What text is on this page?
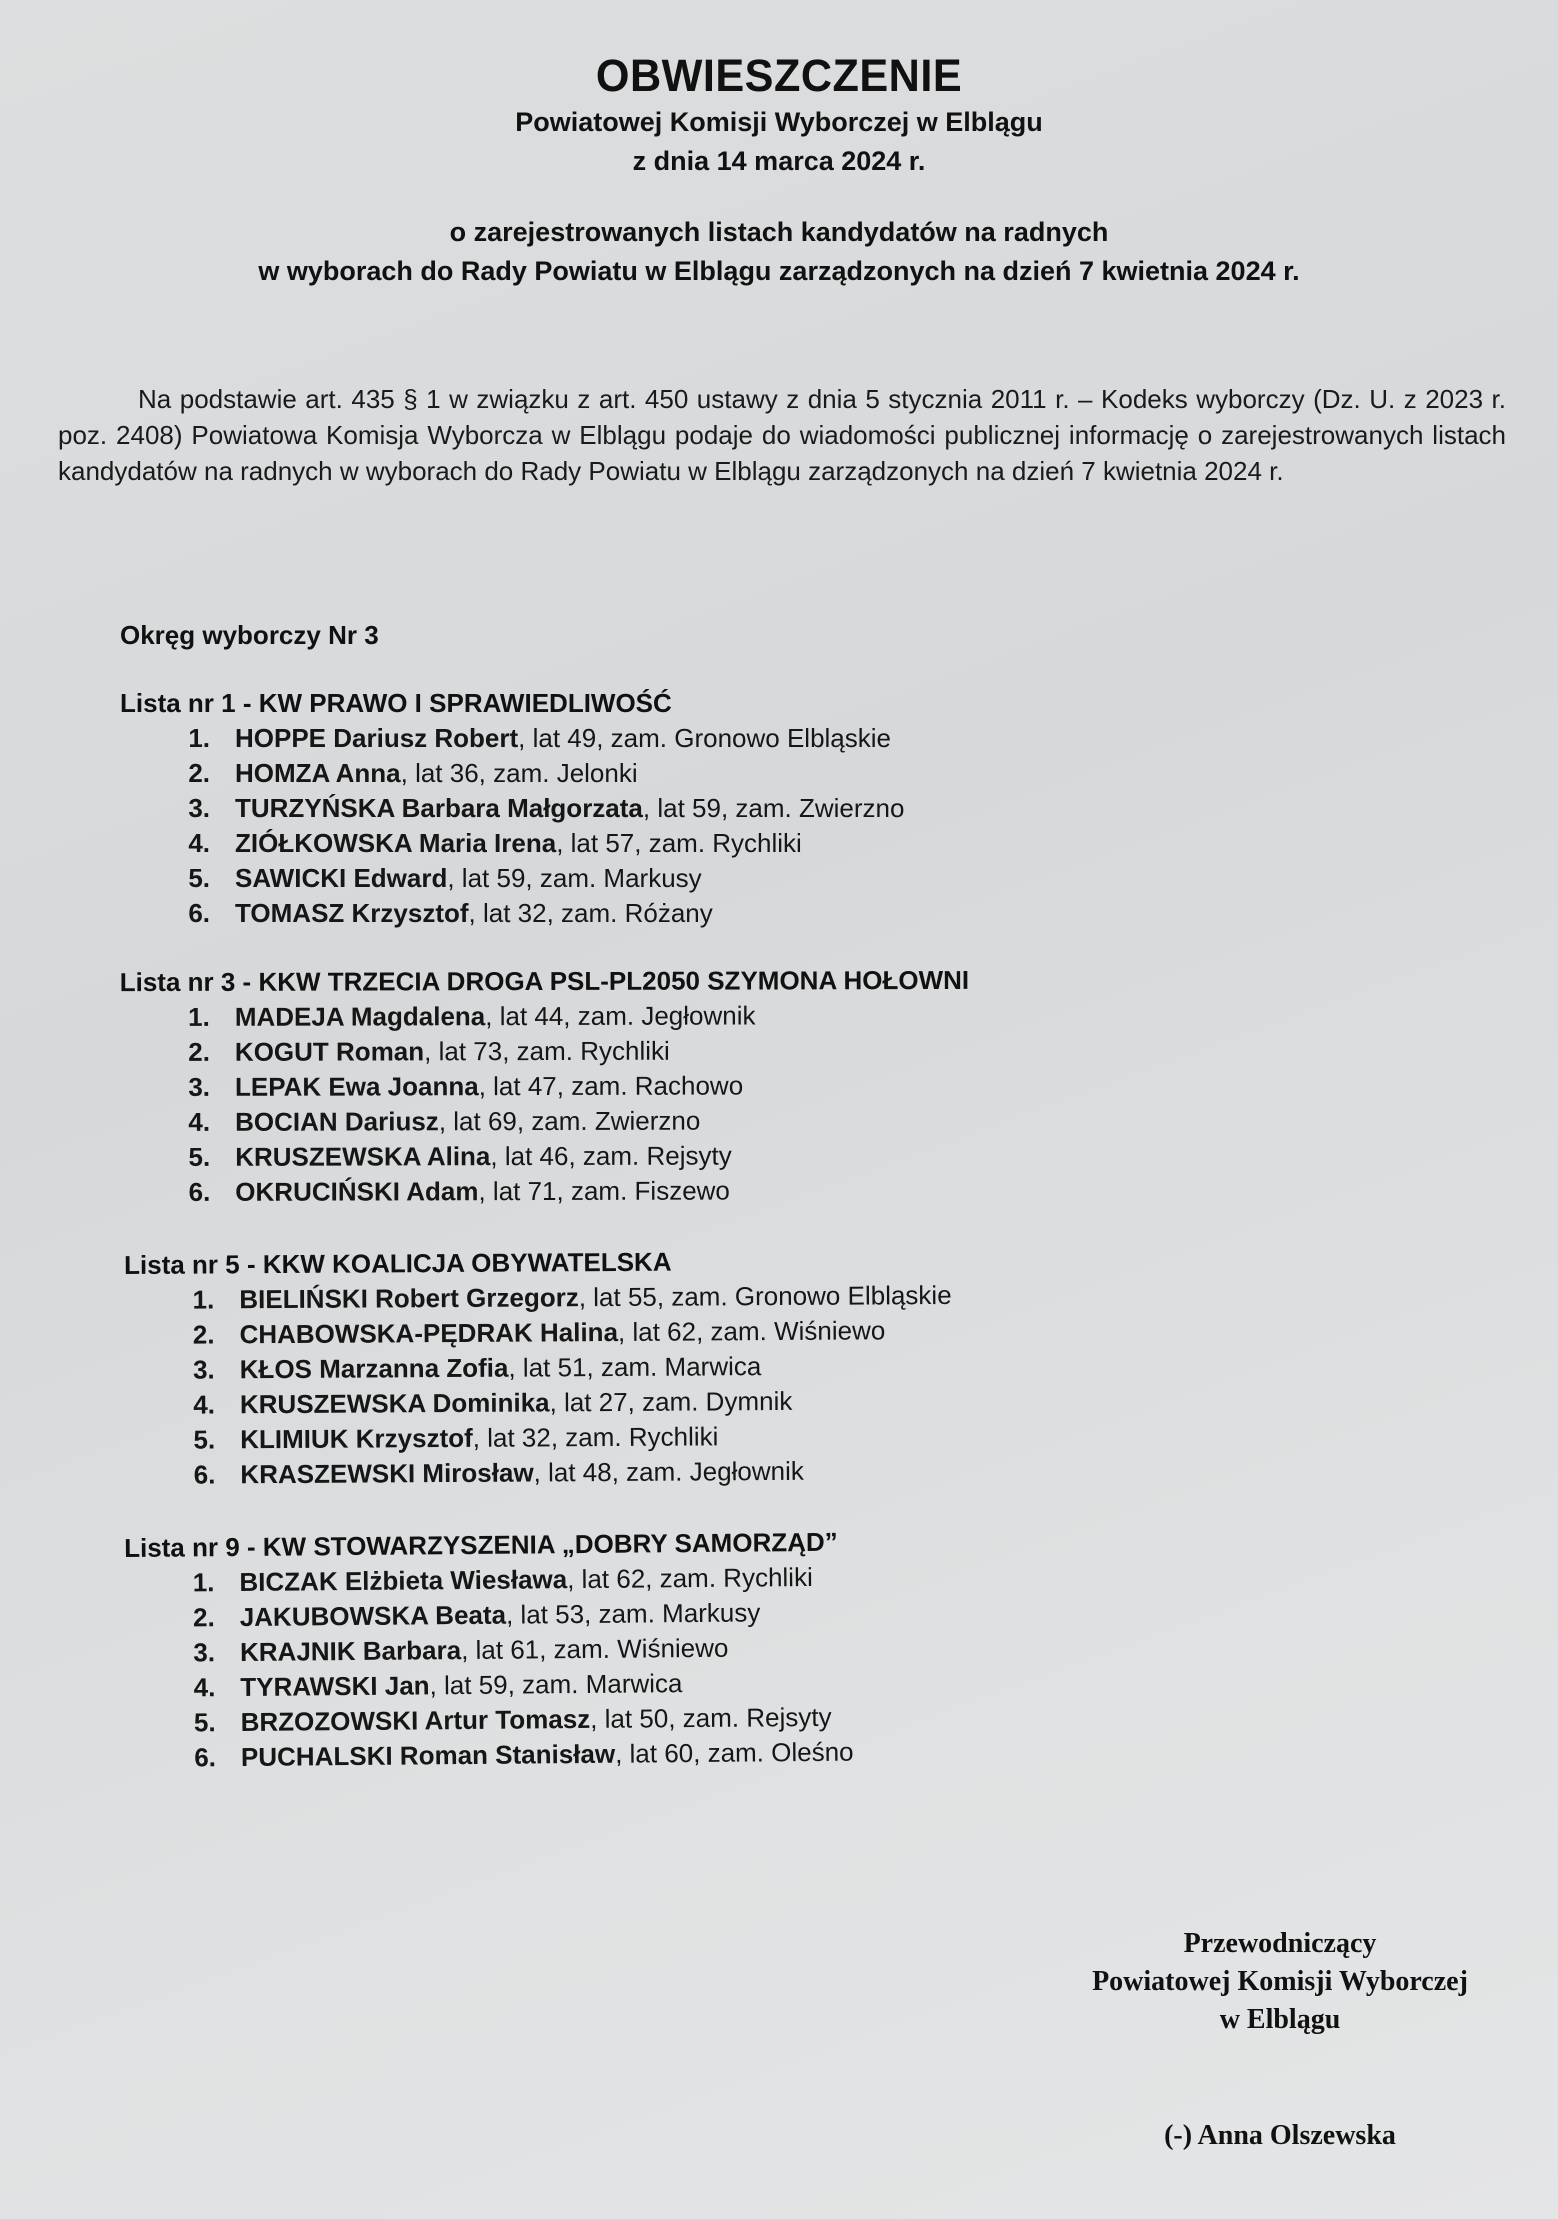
OBWIESZCZENIE
Powiatowej Komisji Wyborczej w Elblągu
z dnia 14 marca 2024 r.
o zarejestrowanych listach kandydatów na radnych
w wyborach do Rady Powiatu w Elblągu zarządzonych na dzień 7 kwietnia 2024 r.

Na podstawie art. 435 § 1 w związku z art. 450 ustawy z dnia 5 stycznia 2011 r. – Kodeks wyborczy (Dz. U. z 2023 r. poz. 2408) Powiatowa Komisja Wyborcza w Elblągu podaje do wiadomości publicznej informację o zarejestrowanych listach kandydatów na radnych w wyborach do Rady Powiatu w Elblągu zarządzonych na dzień 7 kwietnia 2024 r.

Okręg wyborczy Nr 3
Lista nr 1 - KW PRAWO I SPRAWIEDLIWOŚĆ
1. HOPPE Dariusz Robert , lat 49, zam. Gronowo Elbląskie
2. HOMZA Anna , lat 36, zam. Jelonki
3. TURZYŃSKA Barbara Małgorzata , lat 59, zam. Zwierzno
4. ZIÓŁKOWSKA Maria Irena , lat 57, zam. Rychliki
5. SAWICKI Edward , lat 59, zam. Markusy
6. TOMASZ Krzysztof , lat 32, zam. Różany
Lista nr 3 - KKW TRZECIA DROGA PSL-PL2050 SZYMONA HOŁOWNI
1. MADEJA Magdalena , lat 44, zam. Jegłownik
2. KOGUT Roman , lat 73, zam. Rychliki
3. LEPAK Ewa Joanna , lat 47, zam. Rachowo
4. BOCIAN Dariusz , lat 69, zam. Zwierzno
5. KRUSZEWSKA Alina , lat 46, zam. Rejsyty
6. OKRUCIŃSKI Adam , lat 71, zam. Fiszewo
Lista nr 5 - KKW KOALICJA OBYWATELSKA
1. BIELIŃSKI Robert Grzegorz , lat 55, zam. Gronowo Elbląskie
2. CHABOWSKA-PĘDRAK Halina , lat 62, zam. Wiśniewo
3. KŁOS Marzanna Zofia , lat 51, zam. Marwica
4. KRUSZEWSKA Dominika , lat 27, zam. Dymnik
5. KLIMIUK Krzysztof , lat 32, zam. Rychliki
6. KRASZEWSKI Mirosław , lat 48, zam. Jegłownik
Lista nr 9 - KW STOWARZYSZENIA „DOBRY SAMORZĄD”
1. BICZAK Elżbieta Wiesława , lat 62, zam. Rychliki
2. JAKUBOWSKA Beata , lat 53, zam. Markusy
3. KRAJNIK Barbara , lat 61, zam. Wiśniewo
4. TYRAWSKI Jan , lat 59, zam. Marwica
5. BRZOZOWSKI Artur Tomasz , lat 50, zam. Rejsyty
6. PUCHALSKI Roman Stanisław , lat 60, zam. Oleśno
Przewodniczący
Powiatowej Komisji Wyborczej
w Elblągu
(-) Anna Olszewska
